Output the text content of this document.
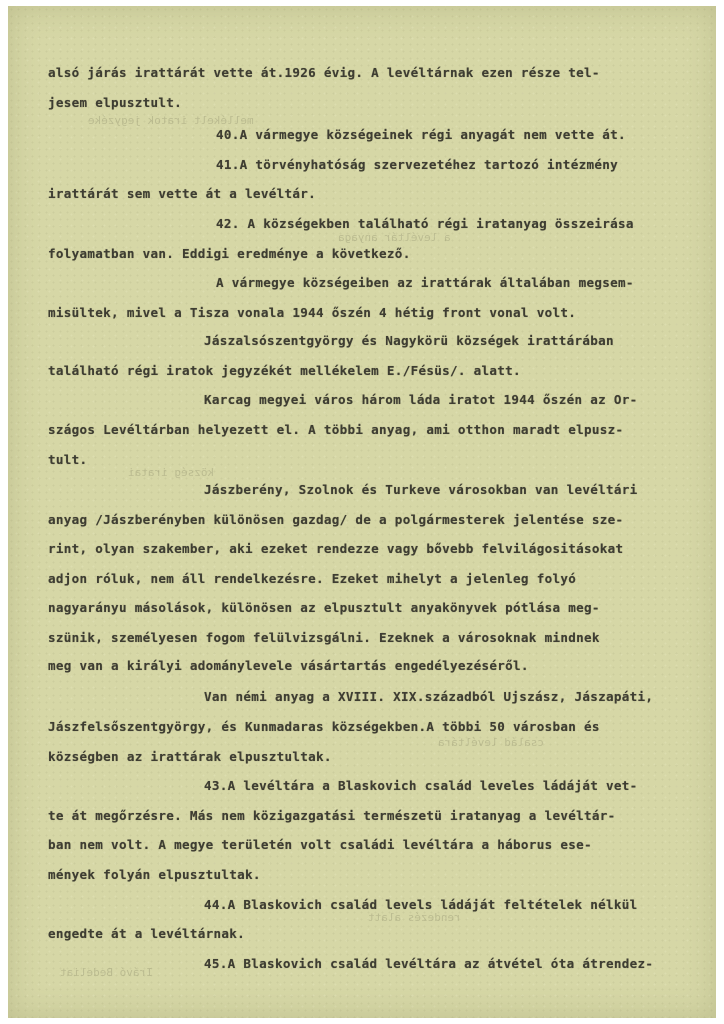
mellékelt iratok jegyzéke
a levéltár anyaga
község iratai
család levéltára
rendezés alatt
Irávó Bedeliat
alsó járás irattárát vette át.1926 évig. A levéltárnak ezen része tel-
jesem elpusztult.
40.A vármegye községeinek régi anyagát nem vette át.
41.A törvényhatóság szervezetéhez tartozó intézmény
irattárát sem vette át a levéltár.
42. A községekben található régi iratanyag összeirása
folyamatban van. Eddigi eredménye a következő.
A vármegye községeiben az irattárak általában megsem-
misültek, mivel a Tisza vonala 1944 őszén 4 hétig front vonal volt.
Jászalsószentgyörgy és Nagykörü községek irattárában
található régi iratok jegyzékét mellékelem E./Fésüs/. alatt.
Karcag megyei város három láda iratot 1944 őszén az Or-
szágos Levéltárban helyezett el. A többi anyag, ami otthon maradt elpusz-
tult.
Jászberény, Szolnok és Turkeve városokban van levéltári
anyag /Jászberényben különösen gazdag/ de a polgármesterek jelentése sze-
rint, olyan szakember, aki ezeket rendezze vagy bővebb felvilágositásokat
adjon róluk, nem áll rendelkezésre. Ezeket mihelyt a jelenleg folyó
nagyarányu másolások, különösen az elpusztult anyakönyvek pótlása meg-
szünik, személyesen fogom felülvizsgálni. Ezeknek a városoknak mindnek
meg van a királyi adománylevele vásártartás engedélyezéséről.
Van némi anyag a XVIII. XIX.századból Ujszász, Jászapáti,
Jászfelsőszentgyörgy, és Kunmadaras községekben.A többi 50 városban és
községben az irattárak elpusztultak.
43.A levéltára a Blaskovich család leveles ládáját vet-
te át megőrzésre. Más nem közigazgatási természetü iratanyag a levéltár-
ban nem volt. A megye területén volt családi levéltára a háborus ese-
mények folyán elpusztultak.
44.A Blaskovich család levels ládáját feltételek nélkül
engedte át a levéltárnak.
45.A Blaskovich család levéltára az átvétel óta átrendez-
